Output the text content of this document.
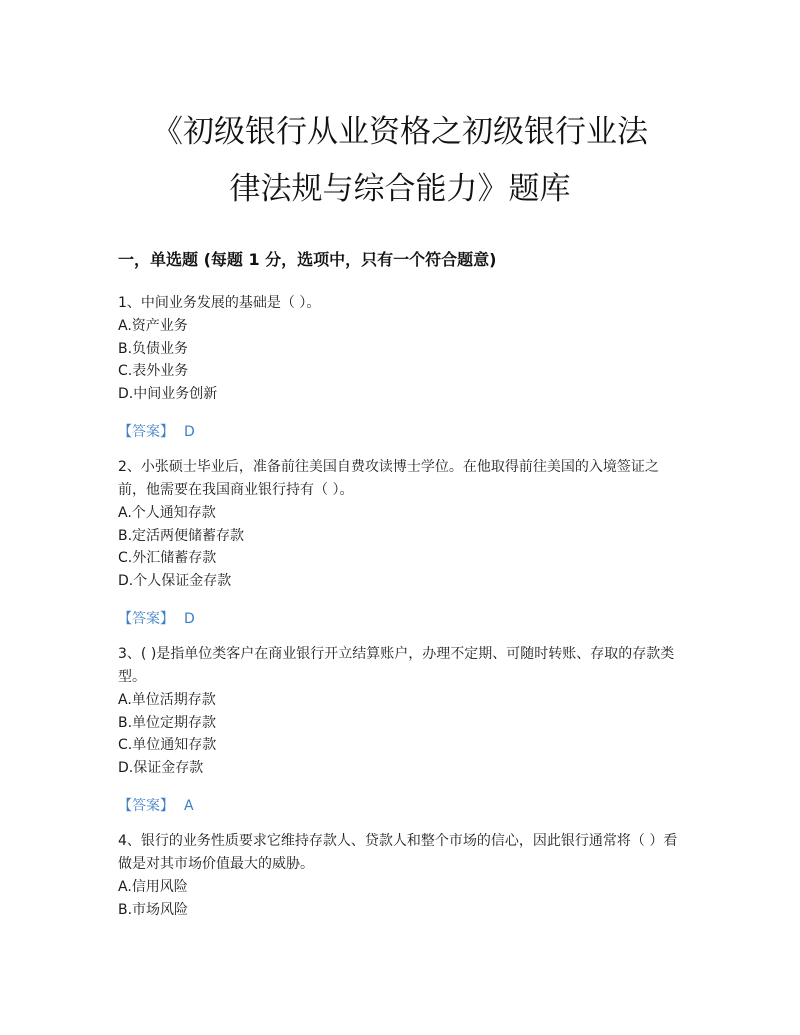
《初级银行从业资格之初级银行业法
律法规与综合能力》题库
一，单选题 (每题 1 分，选项中，只有一个符合题意)

1、中间业务发展的基础是（ ）。

A.资产业务
B.负债业务
C.表外业务
D.中间业务创新
【答案】 D

2、小张硕士毕业后，准备前往美国自费攻读博士学位。在他取得前往美国的入境签证之前，他需要在我国商业银行持有（ ）。

A.个人通知存款
B.定活两便储蓄存款
C.外汇储蓄存款
D.个人保证金存款
【答案】 D

3、( )是指单位类客户在商业银行开立结算账户，办理不定期、可随时转账、存取的存款类型。

A.单位活期存款
B.单位定期存款
C.单位通知存款
D.保证金存款
【答案】 A

4、银行的业务性质要求它维持存款人、贷款人和整个市场的信心，因此银行通常将（ ）看做是对其市场价值最大的威胁。

A.信用风险
B.市场风险
